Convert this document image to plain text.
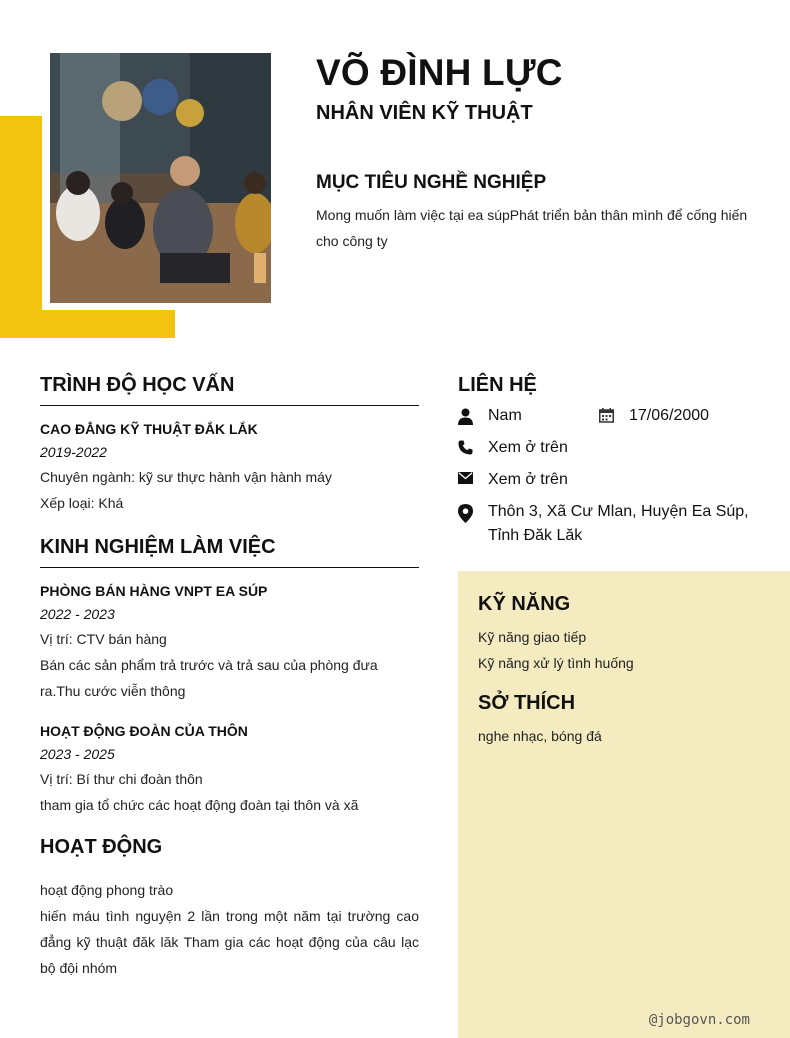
VÕ ĐÌNH LỰC
NHÂN VIÊN KỸ THUẬT
MỤC TIÊU NGHỀ NGHIỆP
Mong muốn làm việc tại ea súpPhát triển bản thân mình để cống hiến cho công ty
TRÌNH ĐỘ HỌC VẤN
CAO ĐẲNG KỸ THUẬT ĐẮK LẮK
2019-2022
Chuyên ngành: kỹ sư thực hành vận hành máy
Xếp loại: Khá
KINH NGHIỆM LÀM VIỆC
PHÒNG BÁN HÀNG VNPT EA SÚP
2022 - 2023
Vị trí: CTV bán hàng
Bán các sản phẩm trả trước và trả sau của phòng đưa ra.Thu cước viễn thông
HOẠT ĐỘNG ĐOÀN CỦA THÔN
2023 - 2025
Vị trí: Bí thư chi đoàn thôn
tham gia tổ chức các hoạt động đoàn tại thôn và xã
HOẠT ĐỘNG
hoạt động phong trào
hiến máu tình nguyện 2 lần trong một năm tại trường cao đẳng kỹ thuật đăk lăk Tham gia các hoạt động của câu lạc bộ đội nhóm
LIÊN HỆ
Nam	17/06/2000
Xem ở trên
Xem ở trên
Thôn 3, Xã Cư Mlan, Huyện Ea Súp, Tỉnh Đăk Lăk
KỸ NĂNG
Kỹ năng giao tiếp
Kỹ năng xử lý tình huống
SỞ THÍCH
nghe nhạc, bóng đá
@jobgovn.com
